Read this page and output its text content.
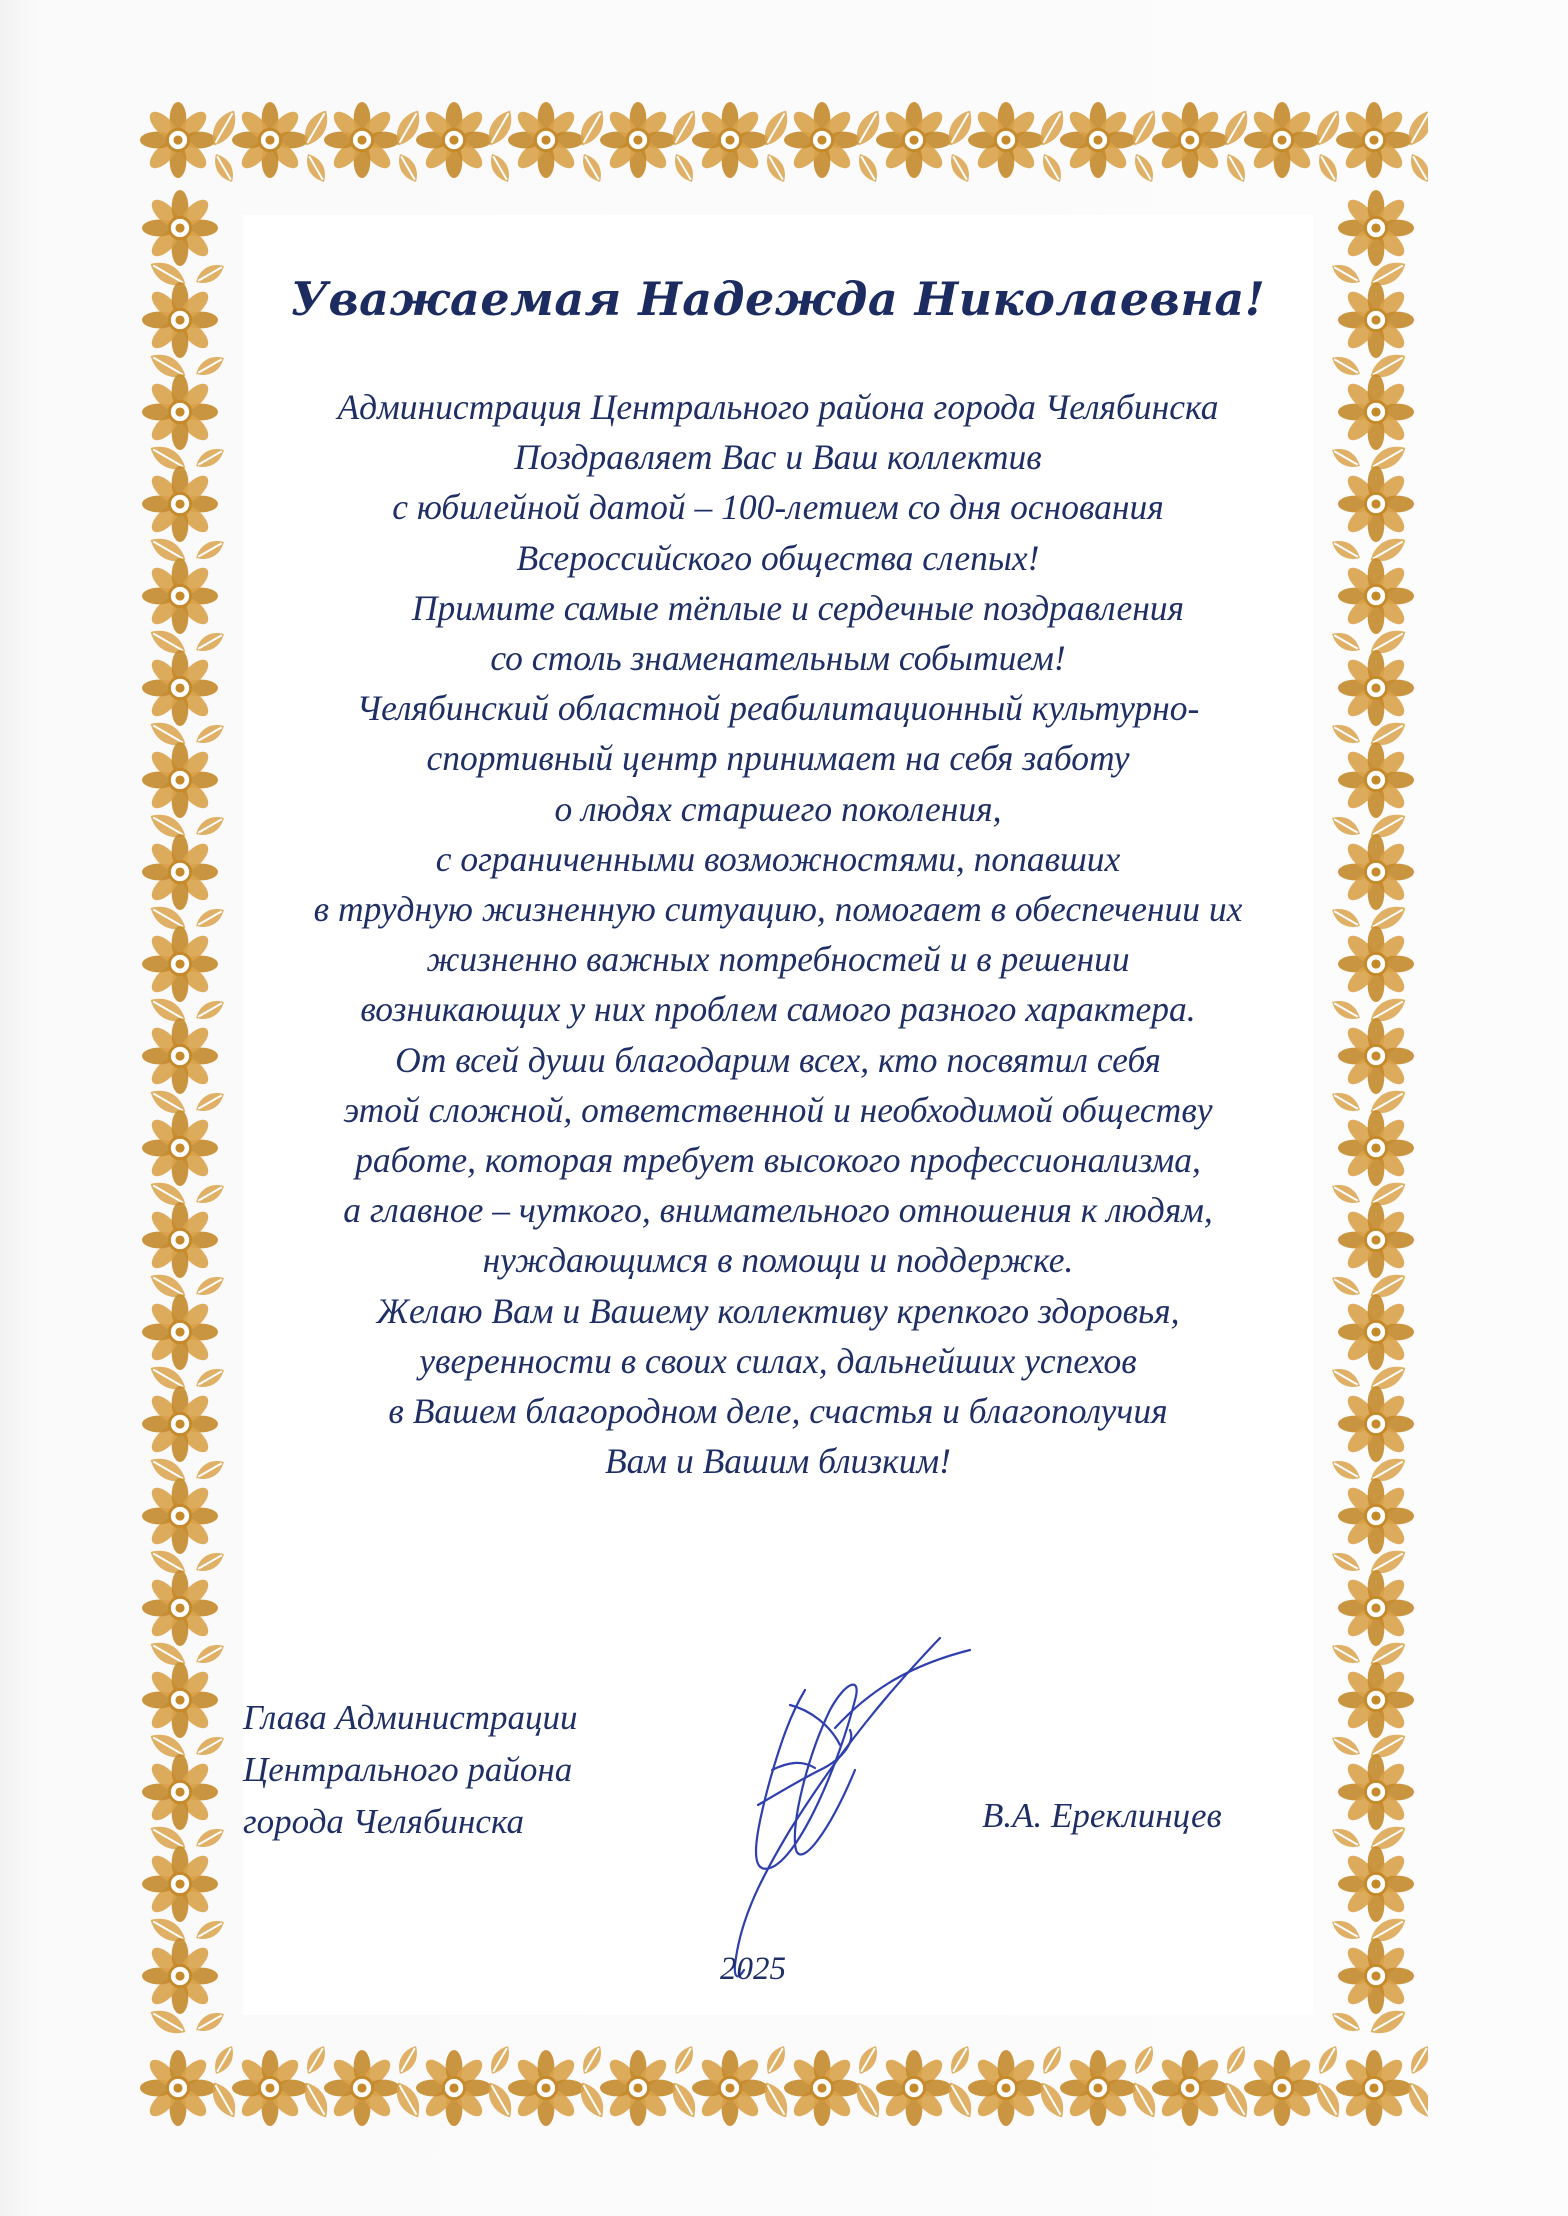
Уважаемая Надежда Николаевна!
Администрация Центрального района города Челябинска
Поздравляет Вас и Ваш коллектив
с юбилейной датой – 100-летием со дня основания
Всероссийского общества слепых!
Примите самые тёплые и сердечные поздравления
со столь знаменательным событием!
Челябинский областной реабилитационный культурно-
спортивный центр принимает на себя заботу
о людях старшего поколения,
с ограниченными возможностями, попавших
в трудную жизненную ситуацию, помогает в обеспечении их
жизненно важных потребностей и в решении
возникающих у них проблем самого разного характера.
От всей души благодарим всех, кто посвятил себя
этой сложной, ответственной и необходимой обществу
работе, которая требует высокого профессионализма,
а главное – чуткого, внимательного отношения к людям,
нуждающимся в помощи и поддержке.
Желаю Вам и Вашему коллективу крепкого здоровья,
уверенности в своих силах, дальнейших успехов
в Вашем благородном деле, счастья и благополучия
Вам и Вашим близким!
Глава Администрации
Центрального района
города Челябинска	В.А. Ереклинцев
2025
